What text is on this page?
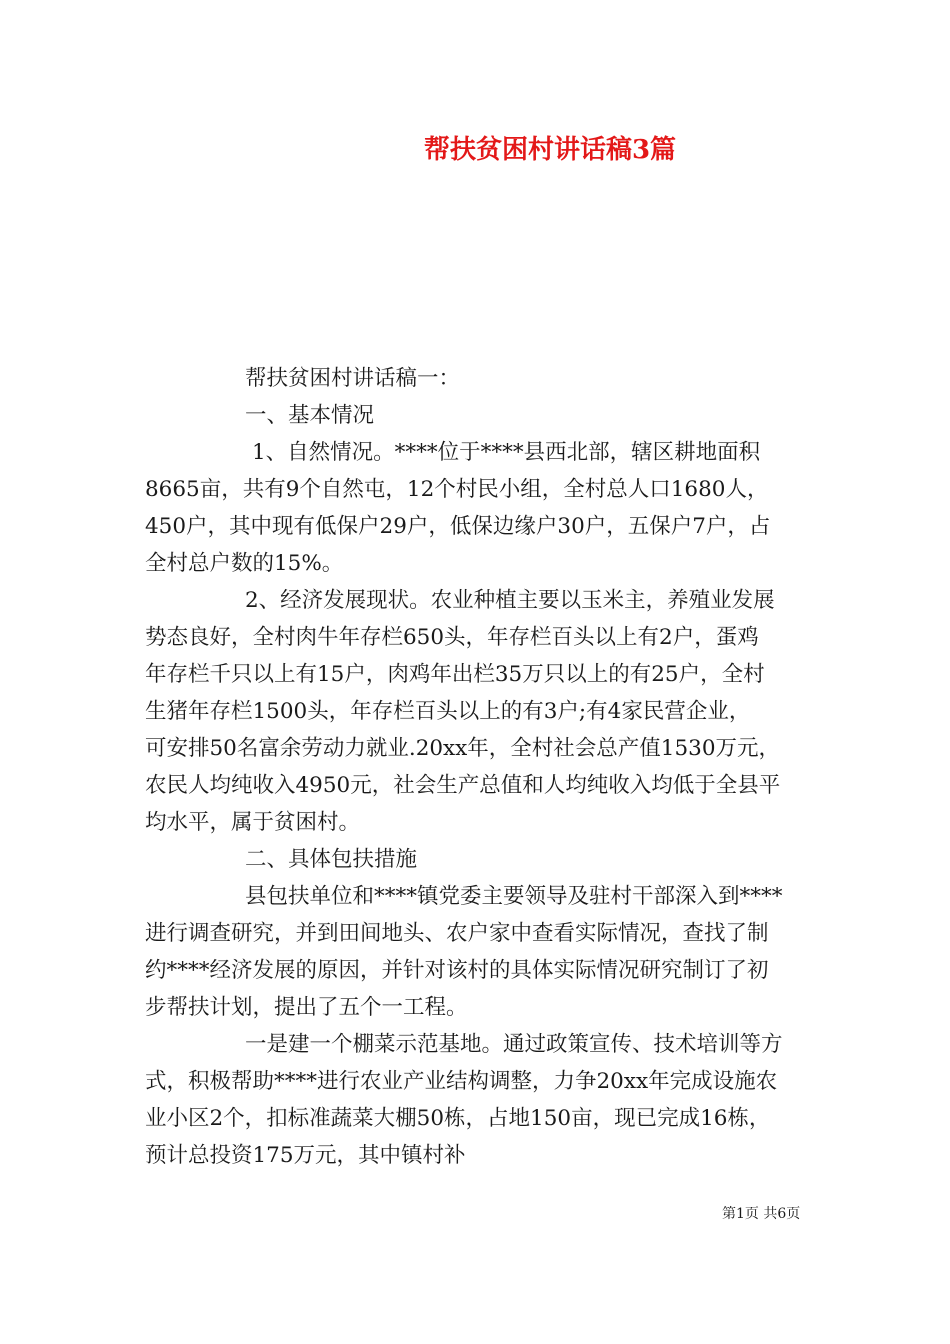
帮扶贫困村讲话稿3篇
帮扶贫困村讲话稿一：
一、基本情况
1、自然情况。****位于****县西北部，辖区耕地面积
8665亩，共有9个自然屯，12个村民小组，全村总人口1680人，
450户，其中现有低保户29户，低保边缘户30户，五保户7户，占
全村总户数的15%。
2、经济发展现状。农业种植主要以玉米主，养殖业发展
势态良好，全村肉牛年存栏650头，年存栏百头以上有2户，蛋鸡
年存栏千只以上有15户，肉鸡年出栏35万只以上的有25户，全村
生猪年存栏1500头，年存栏百头以上的有3户;有4家民营企业，
可安排50名富余劳动力就业.20xx年，全村社会总产值1530万元，
农民人均纯收入4950元，社会生产总值和人均纯收入均低于全县平
均水平，属于贫困村。
二、具体包扶措施
县包扶单位和****镇党委主要领导及驻村干部深入到****
进行调查研究，并到田间地头、农户家中查看实际情况，查找了制
约****经济发展的原因，并针对该村的具体实际情况研究制订了初
步帮扶计划，提出了五个一工程。
一是建一个棚菜示范基地。通过政策宣传、技术培训等方
式，积极帮助****进行农业产业结构调整，力争20xx年完成设施农
业小区2个，扣标准蔬菜大棚50栋，占地150亩，现已完成16栋，
预计总投资175万元，其中镇村补
第1页 共6页
